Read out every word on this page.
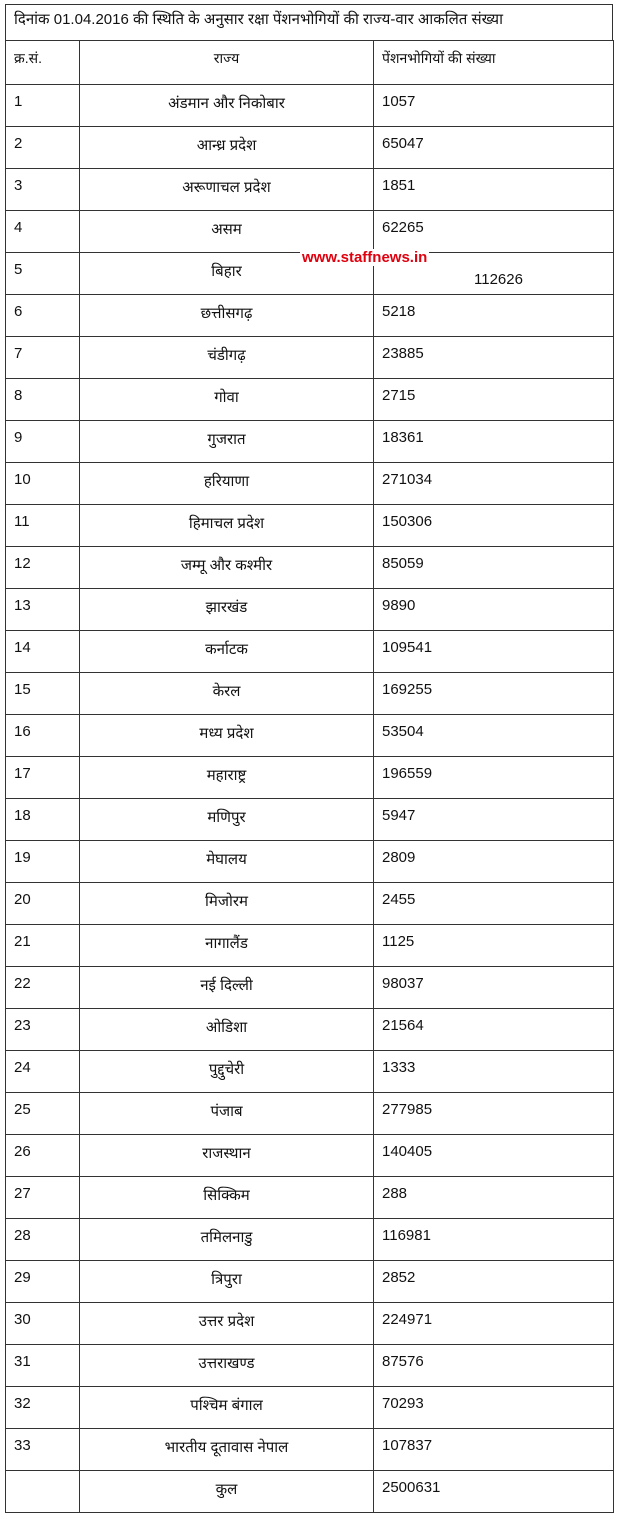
दिनांक 01.04.2016 की स्थिति के अनुसार रक्षा पेंशनभोगियों की राज्य-वार आकलित संख्या
क्र.सं.	राज्य	पेंशनभोगियों की संख्या
1	अंडमान और निकोबार	1057
2	आन्ध्र प्रदेश	65047
3	अरूणाचल प्रदेश	1851
4	असम	62265
5	बिहार	112626
6	छत्तीसगढ़	5218
7	चंडीगढ़	23885
8	गोवा	2715
9	गुजरात	18361
10	हरियाणा	271034
11	हिमाचल प्रदेश	150306
12	जम्मू और कश्मीर	85059
13	झारखंड	9890
14	कर्नाटक	109541
15	केरल	169255
16	मध्य प्रदेश	53504
17	महाराष्ट्र	196559
18	मणिपुर	5947
19	मेघालय	2809
20	मिजोरम	2455
21	नागालैंड	1125
22	नई दिल्ली	98037
23	ओडिशा	21564
24	पुद्दुचेरी	1333
25	पंजाब	277985
26	राजस्थान	140405
27	सिक्किम	288
28	तमिलनाडु	116981
29	त्रिपुरा	2852
30	उत्तर प्रदेश	224971
31	उत्तराखण्ड	87576
32	पश्चिम बंगाल	70293
33	भारतीय दूतावास नेपाल	107837
	कुल	2500631
www.staffnews.in
